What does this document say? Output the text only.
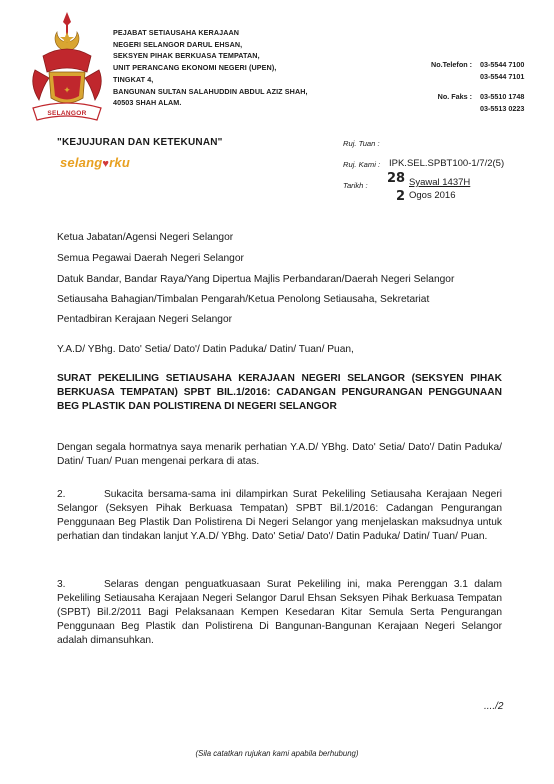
✦
SELANGOR
PEJABAT SETIAUSAHA KERAJAAN
NEGERI SELANGOR DARUL EHSAN,
SEKSYEN PIHAK BERKUASA TEMPATAN,
UNIT PERANCANG EKONOMI NEGERI (UPEN),
TINGKAT 4,
BANGUNAN SULTAN SALAHUDDIN ABDUL AZIZ SHAH,
40503 SHAH ALAM.
No.Telefon : 03-5544 7100
03-5544 7101
No. Faks : 03-5510 1748
03-5513 0223
"KEJUJURAN DAN KETEKUNAN"
selang♥rku
Ruj. Tuan :
Ruj. Kami : IPK.SEL.SPBT100-1/7/2(5)
Tarikh : 28 Syawal 1437H
2 Ogos 2016
Ketua Jabatan/Agensi Negeri Selangor
Semua Pegawai Daerah Negeri Selangor
Datuk Bandar, Bandar Raya/Yang Dipertua Majlis Perbandaran/Daerah Negeri Selangor
Setiausaha Bahagian/Timbalan Pengarah/Ketua Penolong Setiausaha, Sekretariat
Pentadbiran Kerajaan Negeri Selangor
Y.A.D/ YBhg. Dato' Setia/ Dato'/ Datin Paduka/ Datin/ Tuan/ Puan,
SURAT PEKELILING SETIAUSAHA KERAJAAN NEGERI SELANGOR (SEKSYEN PIHAK BERKUASA TEMPATAN) SPBT BIL.1/2016: CADANGAN PENGURANGAN PENGGUNAAN BEG PLASTIK DAN POLISTIRENA DI NEGERI SELANGOR
Dengan segala hormatnya saya menarik perhatian Y.A.D/ YBhg. Dato' Setia/ Dato'/ Datin Paduka/ Datin/ Tuan/ Puan mengenai perkara di atas.
2.	Sukacita bersama-sama ini dilampirkan Surat Pekeliling Setiausaha Kerajaan Negeri Selangor (Seksyen Pihak Berkuasa Tempatan) SPBT Bil.1/2016: Cadangan Pengurangan Penggunaan Beg Plastik Dan Polistirena Di Negeri Selangor yang menjelaskan maksudnya untuk perhatian dan tindakan lanjut Y.A.D/ YBhg. Dato' Setia/ Dato'/ Datin Paduka/ Datin/ Tuan/ Puan.
3.	Selaras dengan penguatkuasaan Surat Pekeliling ini, maka Perenggan 3.1 dalam Pekeliling Setiausaha Kerajaan Negeri Selangor Darul Ehsan Seksyen Pihak Berkuasa Tempatan (SPBT) Bil.2/2011 Bagi Pelaksanaan Kempen Kesedaran Kitar Semula Serta Pengurangan Penggunaan Beg Plastik dan Polistirena Di Bangunan-Bangunan Kerajaan Negeri Selangor adalah dimansuhkan.
..../2
(Sila catatkan rujukan kami apabila berhubung)
